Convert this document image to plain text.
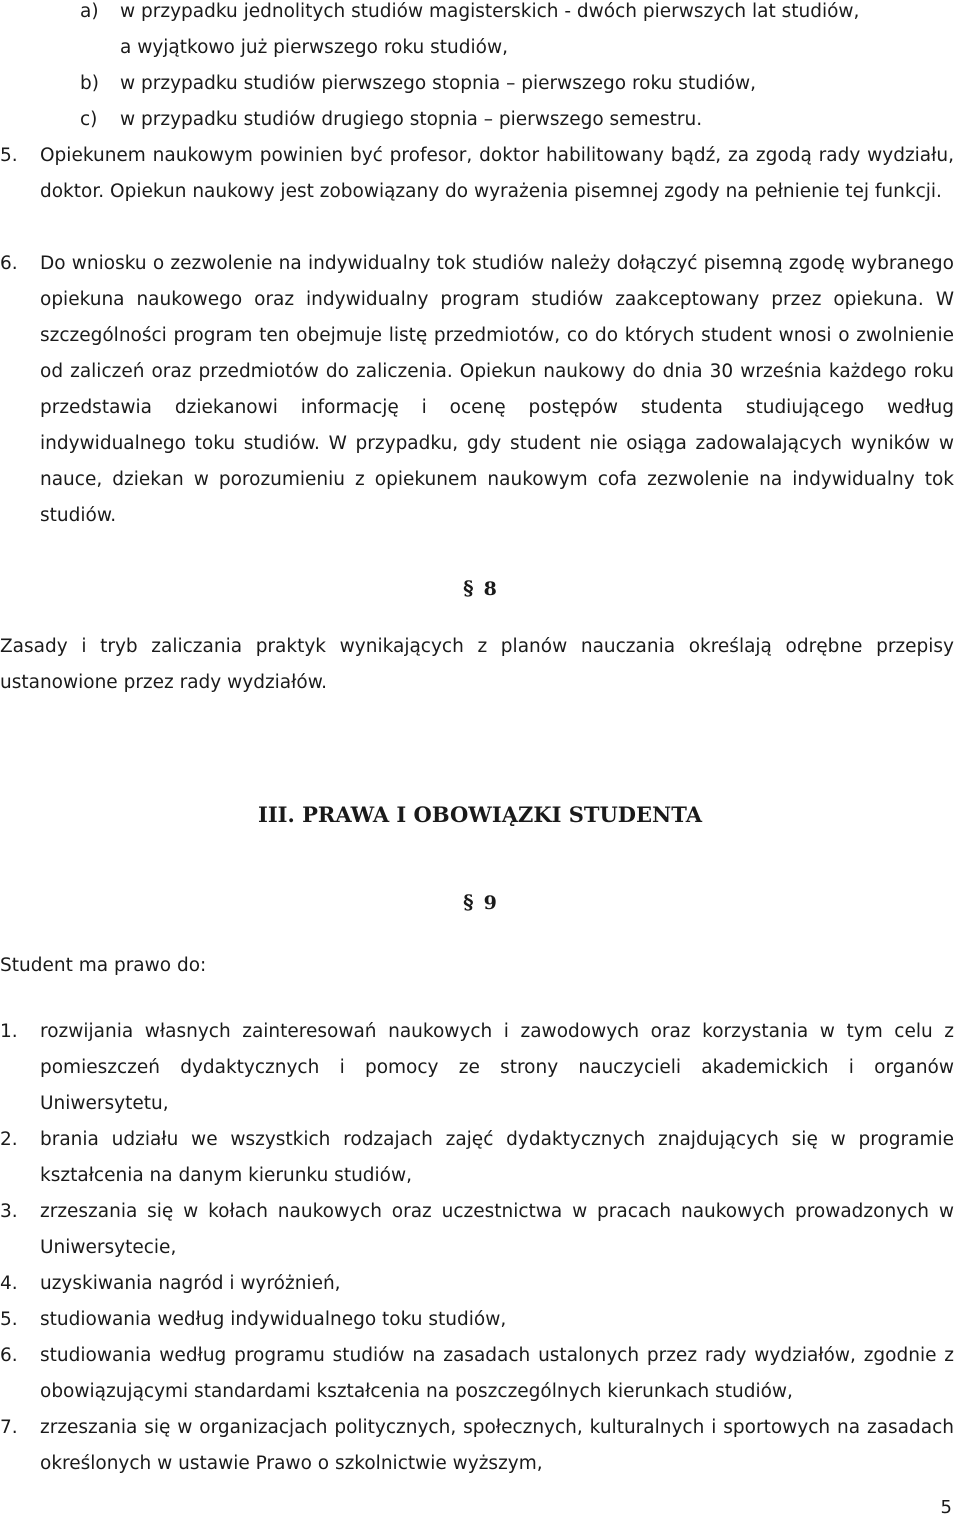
a)	w przypadku jednolitych studiów magisterskich - dwóch pierwszych lat studiów,
a wyjątkowo już pierwszego roku studiów,
b)	w przypadku studiów pierwszego stopnia – pierwszego roku studiów,
c)	w przypadku studiów drugiego stopnia – pierwszego semestru.
5.	Opiekunem naukowym powinien być profesor, doktor habilitowany bądź, za zgodą rady wydziału, doktor. Opiekun naukowy jest zobowiązany do wyrażenia pisemnej zgody na pełnienie tej funkcji.
6.	Do wniosku o zezwolenie na indywidualny tok studiów należy dołączyć pisemną zgodę wybranego opiekuna naukowego oraz indywidualny program studiów zaakceptowany przez opiekuna. W szczególności program ten obejmuje listę przedmiotów, co do których student wnosi o zwolnienie od zaliczeń oraz przedmiotów do zaliczenia. Opiekun naukowy do dnia 30 września każdego roku przedstawia dziekanowi informację i ocenę postępów studenta studiującego według indywidualnego toku studiów. W przypadku, gdy student nie osiąga zadowalających wyników w nauce, dziekan w porozumieniu z opiekunem naukowym cofa zezwolenie na indywidualny tok studiów.
§ 8
Zasady i tryb zaliczania praktyk wynikających z planów nauczania określają odrębne przepisy ustanowione przez rady wydziałów.
III. PRAWA I OBOWIĄZKI STUDENTA
§ 9
Student ma prawo do:
1.	rozwijania własnych zainteresowań naukowych i zawodowych oraz korzystania w tym celu z pomieszczeń dydaktycznych i pomocy ze strony nauczycieli akademickich i organów Uniwersytetu,
2.	brania udziału we wszystkich rodzajach zajęć dydaktycznych znajdujących się w programie kształcenia na danym kierunku studiów,
3.	zrzeszania się w kołach naukowych oraz uczestnictwa w pracach naukowych prowadzonych w Uniwersytecie,
4.	uzyskiwania nagród i wyróżnień,
5.	studiowania według indywidualnego toku studiów,
6.	studiowania według programu studiów na zasadach ustalonych przez rady wydziałów, zgodnie z obowiązującymi standardami kształcenia na poszczególnych kierunkach studiów,
7.	zrzeszania się w organizacjach politycznych, społecznych, kulturalnych i sportowych na zasadach określonych w ustawie Prawo o szkolnictwie wyższym,
5
